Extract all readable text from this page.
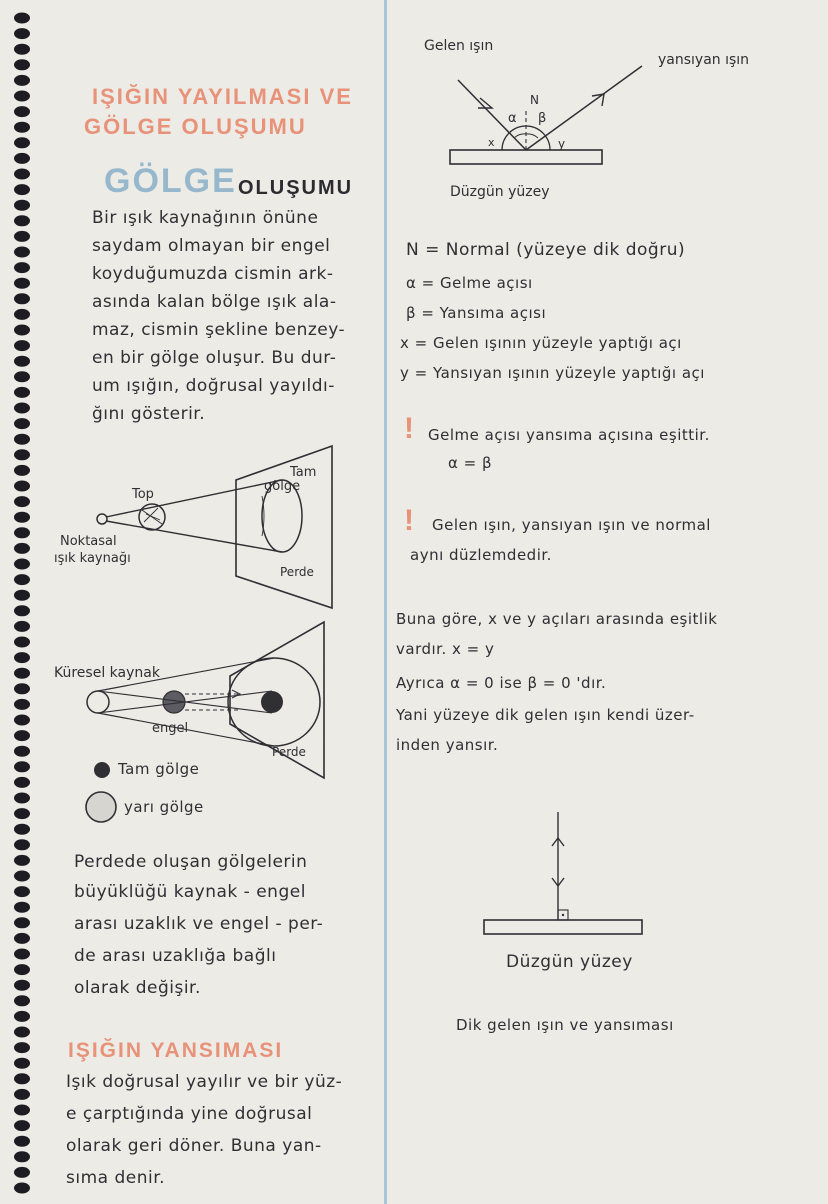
IŞIĞIN YAYILMASI VE
GÖLGE OLUŞUMU
GÖLGE OLUŞUMU
Bir ışık kaynağının önüne
saydam olmayan bir engel
koyduğumuzda cismin ark-
asında kalan bölge ışık ala-
maz, cismin şekline benzey-
en bir gölge oluşur. Bu dur-
um ışığın, doğrusal yayıldı-
ğını gösterir.
Top
Noktasal
ışık kaynağı
Tam
gölge
Perde
Küresel kaynak
engel
Perde
Tam gölge
yarı gölge
Perdede oluşan gölgelerin
büyüklüğü kaynak - engel
arası uzaklık ve engel - per-
de arası uzaklığa bağlı
olarak değişir.
IŞIĞIN YANSIMASI
Işık doğrusal yayılır ve bir yüz-
e çarptığında yine doğrusal
olarak geri döner. Buna yan-
sıma denir.
Gelen ışın
yansıyan ışın
N
α β
x	y
Düzgün yüzey
N = Normal (yüzeye dik doğru)
α = Gelme açısı
β = Yansıma açısı
x = Gelen ışının yüzeyle yaptığı açı
y = Yansıyan ışının yüzeyle yaptığı açı
! Gelme açısı yansıma açısına eşittir.
α = β
! Gelen ışın, yansıyan ışın ve normal
aynı düzlemdedir.
Buna göre, x ve y açıları arasında eşitlik
vardır. x = y
Ayrıca α = 0 ise β = 0 'dır.
Yani yüzeye dik gelen ışın kendi üzer-
inden yansır.
Düzgün yüzey
Dik gelen ışın ve yansıması
